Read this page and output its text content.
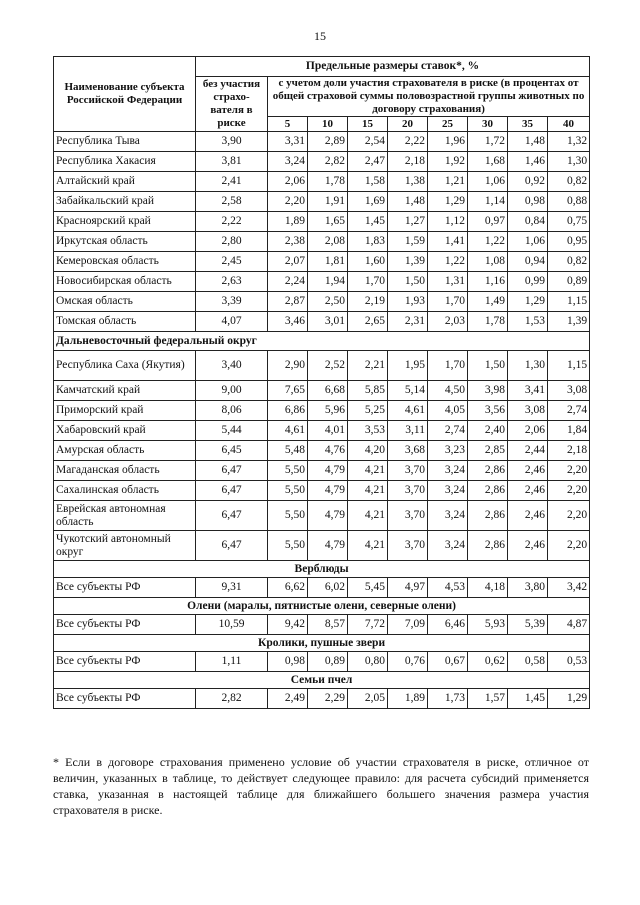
15
Наименование субъекта Российской Федерации	Предельные размеры ставок*, %								
	без участия страхо-вателя в риске	с учетом доли участия страхователя в риске (в процентах от общей страховой суммы половозрастной группы животных по договору страхования)							
		5	10	15	20	25	30	35	40
Республика Тыва	3,90	3,31	2,89	2,54	2,22	1,96	1,72	1,48	1,32
Республика Хакасия	3,81	3,24	2,82	2,47	2,18	1,92	1,68	1,46	1,30
Алтайский край	2,41	2,06	1,78	1,58	1,38	1,21	1,06	0,92	0,82
Забайкальский край	2,58	2,20	1,91	1,69	1,48	1,29	1,14	0,98	0,88
Красноярский край	2,22	1,89	1,65	1,45	1,27	1,12	0,97	0,84	0,75
Иркутская область	2,80	2,38	2,08	1,83	1,59	1,41	1,22	1,06	0,95
Кемеровская область	2,45	2,07	1,81	1,60	1,39	1,22	1,08	0,94	0,82
Новосибирская область	2,63	2,24	1,94	1,70	1,50	1,31	1,16	0,99	0,89
Омская область	3,39	2,87	2,50	2,19	1,93	1,70	1,49	1,29	1,15
Томская область	4,07	3,46	3,01	2,65	2,31	2,03	1,78	1,53	1,39
Дальневосточный федеральный округ									
Республика Саха (Якутия)	3,40	2,90	2,52	2,21	1,95	1,70	1,50	1,30	1,15
Камчатский край	9,00	7,65	6,68	5,85	5,14	4,50	3,98	3,41	3,08
Приморский край	8,06	6,86	5,96	5,25	4,61	4,05	3,56	3,08	2,74
Хабаровский край	5,44	4,61	4,01	3,53	3,11	2,74	2,40	2,06	1,84
Амурская область	6,45	5,48	4,76	4,20	3,68	3,23	2,85	2,44	2,18
Магаданская область	6,47	5,50	4,79	4,21	3,70	3,24	2,86	2,46	2,20
Сахалинская область	6,47	5,50	4,79	4,21	3,70	3,24	2,86	2,46	2,20
Еврейская автономная область	6,47	5,50	4,79	4,21	3,70	3,24	2,86	2,46	2,20
Чукотский автономный округ	6,47	5,50	4,79	4,21	3,70	3,24	2,86	2,46	2,20
Верблюды									
Все субъекты РФ	9,31	6,62	6,02	5,45	4,97	4,53	4,18	3,80	3,42
Олени (маралы, пятнистые олени, северные олени)									
Все субъекты РФ	10,59	9,42	8,57	7,72	7,09	6,46	5,93	5,39	4,87
Кролики, пушные звери									
Все субъекты РФ	1,11	0,98	0,89	0,80	0,76	0,67	0,62	0,58	0,53
Семьи пчел									
Все субъекты РФ	2,82	2,49	2,29	2,05	1,89	1,73	1,57	1,45	1,29
* Если в договоре страхования применено условие об участии страхователя в риске, отличное от величин, указанных в таблице, то действует следующее правило: для расчета субсидий применяется ставка, указанная в настоящей таблице для ближайшего большего значения размера участия страхователя в риске.
